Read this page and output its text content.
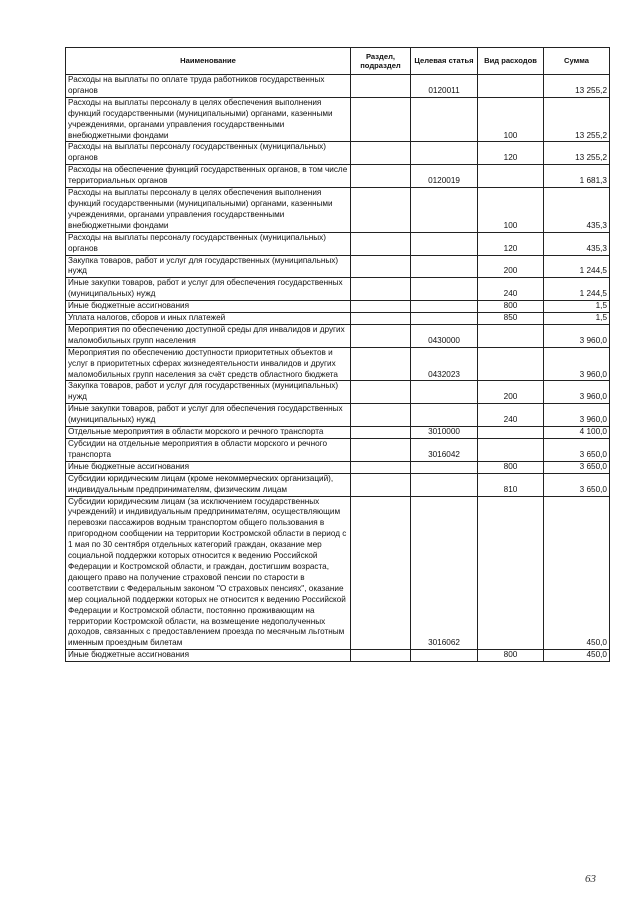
Наименование	Раздел, подраздел	Целевая статья	Вид расходов	Сумма
Расходы на выплаты по оплате труда работников государственных органов		0120011		13 255,2
Расходы на выплаты персоналу в целях обеспечения выполнения функций государственными (муниципальными) органами, казенными учреждениями, органами управления государственными внебюджетными фондами			100	13 255,2
Расходы на выплаты персоналу государственных (муниципальных) органов			120	13 255,2
Расходы на обеспечение функций государственных органов, в том числе территориальных органов		0120019		1 681,3
Расходы на выплаты персоналу в целях обеспечения выполнения функций государственными (муниципальными) органами, казенными учреждениями, органами управления государственными внебюджетными фондами			100	435,3
Расходы на выплаты персоналу государственных (муниципальных) органов			120	435,3
Закупка товаров, работ и услуг для государственных (муниципальных) нужд			200	1 244,5
Иные закупки товаров, работ и услуг для обеспечения государственных (муниципальных) нужд			240	1 244,5
Иные бюджетные ассигнования			800	1,5
Уплата налогов, сборов и иных платежей			850	1,5
Мероприятия по обеспечению доступной среды для инвалидов и других маломобильных групп населения		0430000		3 960,0
Мероприятия по обеспечению доступности приоритетных объектов и услуг в приоритетных сферах жизнедеятельности инвалидов и других маломобильных групп населения за счёт средств областного бюджета		0432023		3 960,0
Закупка товаров, работ и услуг для государственных (муниципальных) нужд			200	3 960,0
Иные закупки товаров, работ и услуг для обеспечения государственных (муниципальных) нужд			240	3 960,0
Отдельные мероприятия в области морского и речного транспорта		3010000		4 100,0
Субсидии на отдельные мероприятия в области морского и речного транспорта		3016042		3 650,0
Иные бюджетные ассигнования			800	3 650,0
Субсидии юридическим лицам (кроме некоммерческих организаций), индивидуальным предпринимателям, физическим лицам			810	3 650,0
Субсидии юридическим лицам (за исключением государственных учреждений) и индивидуальным предпринимателям, осуществляющим перевозки пассажиров водным транспортом общего пользования в пригородном сообщении на территории Костромской области в период с 1 мая по 30 сентября отдельных категорий граждан, оказание мер социальной поддержки которых относится к ведению Российской Федерации и Костромской области, и граждан, достигшим возраста, дающего право на получение страховой пенсии по старости в соответствии с Федеральным законом "О страховых пенсиях", оказание мер социальной поддержки которых не относится к ведению Российской Федерации и Костромской области, постоянно проживающим на территории Костромской области, на возмещение недополученных доходов, связанных с предоставлением проезда по месячным льготным именным проездным билетам		3016062		450,0
Иные бюджетные ассигнования			800	450,0
63
